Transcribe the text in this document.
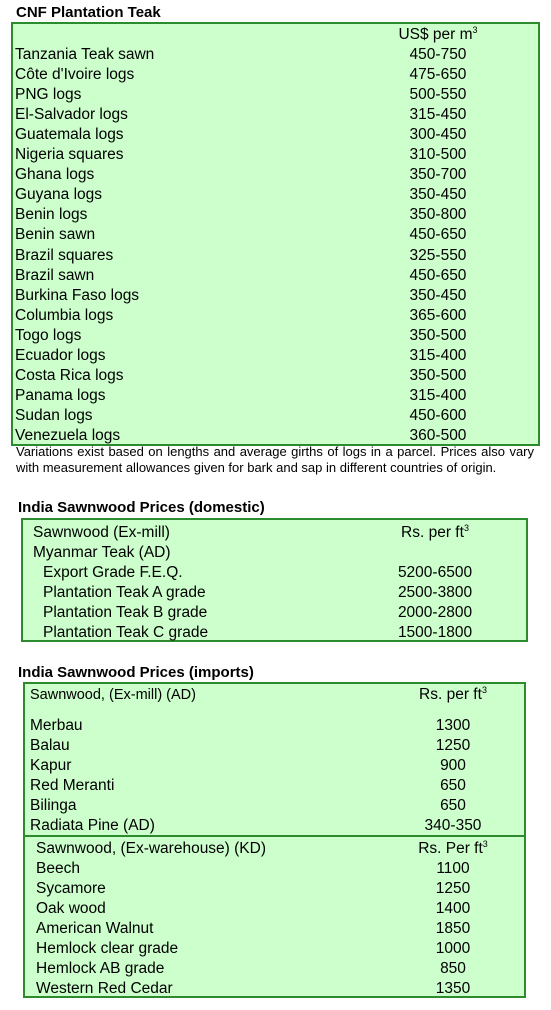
CNF Plantation Teak
US$ per $m^3$
Tanzania Teak sawn	450-750
Côte d'Ivoire logs	475-650
PNG logs	500-550
El-Salvador logs	315-450
Guatemala logs	300-450
Nigeria squares	310-500
Ghana logs	350-700
Guyana logs	350-450
Benin logs	350-800
Benin sawn	450-650
Brazil squares	325-550
Brazil sawn	450-650
Burkina Faso logs	350-450
Columbia logs	365-600
Togo logs	350-500
Ecuador logs	315-400
Costa Rica logs	350-500
Panama logs	315-400
Sudan logs	450-600
Venezuela logs	360-500
Variations exist based on lengths and average girths of logs in a parcel. Prices also vary with measurement allowances given for bark and sap in different countries of origin.
India Sawnwood Prices (domestic)
Sawnwood (Ex-mill)	Rs. per $ft^3$
Myanmar Teak (AD)
Export Grade F.E.Q.	5200-6500
Plantation Teak A grade	2500-3800
Plantation Teak B grade	2000-2800
Plantation Teak C grade	1500-1800
India Sawnwood Prices (imports)
Sawnwood, (Ex-mill) (AD)	Rs. per $ft^3$
Merbau	1300
Balau	1250
Kapur	900
Red Meranti	650
Bilinga	650
Radiata Pine (AD)	340-350
Sawnwood, (Ex-warehouse) (KD)	Rs. Per $ft^3$
Beech	1100
Sycamore	1250
Oak wood	1400
American Walnut	1850
Hemlock clear grade	1000
Hemlock AB grade	850
Western Red Cedar	1350
